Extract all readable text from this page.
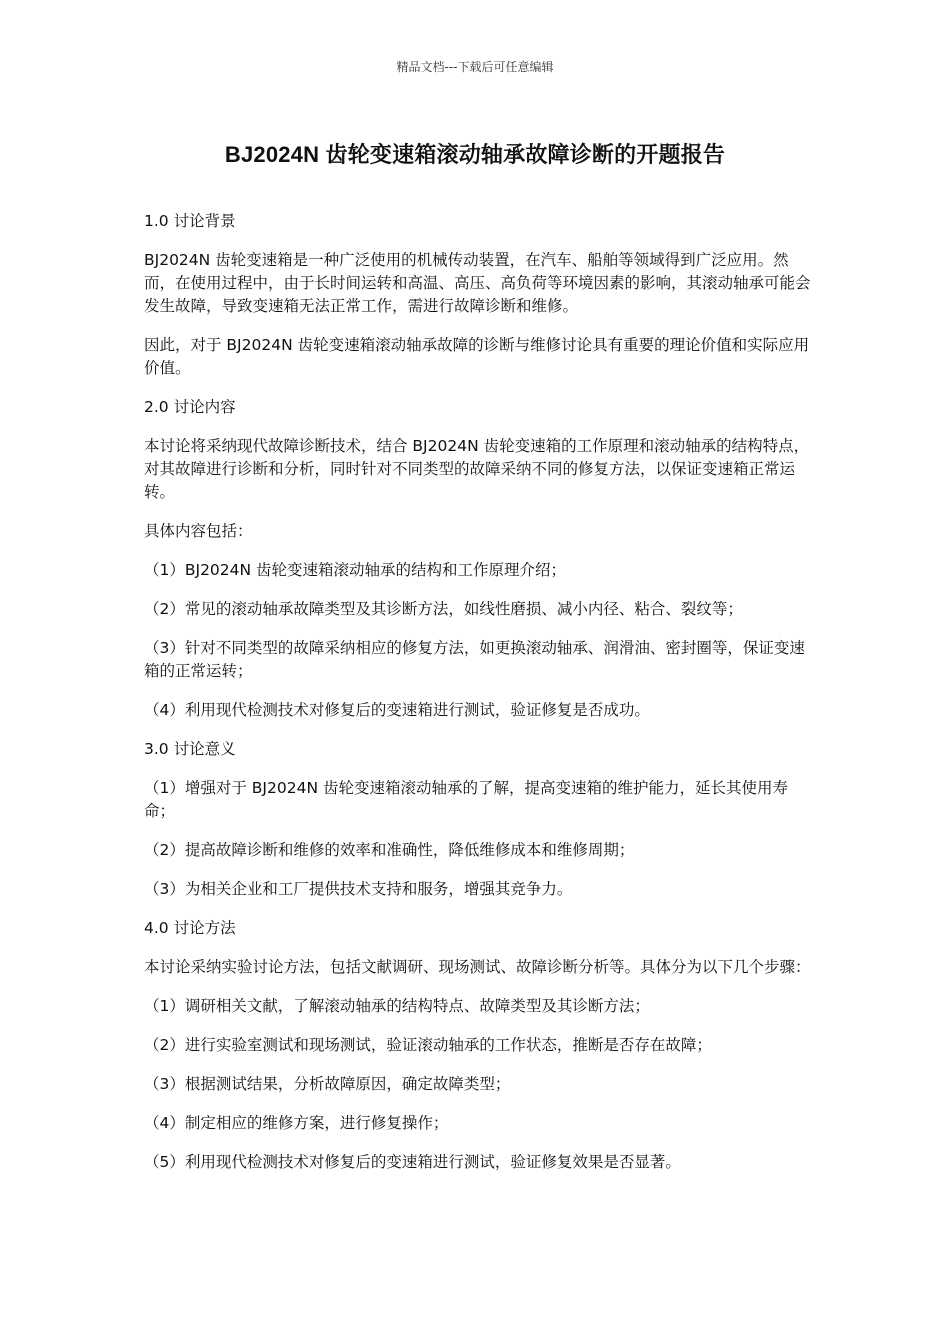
精品文档---下载后可任意编辑
BJ2024N 齿轮变速箱滚动轴承故障诊断的开题报告

1.0 讨论背景

BJ2024N 齿轮变速箱是一种广泛使用的机械传动装置，在汽车、船舶等领域得到广泛应用。然而，在使用过程中，由于长时间运转和高温、高压、高负荷等环境因素的影响，其滚动轴承可能会发生故障，导致变速箱无法正常工作，需进行故障诊断和维修。

因此，对于 BJ2024N 齿轮变速箱滚动轴承故障的诊断与维修讨论具有重要的理论价值和实际应用价值。

2.0 讨论内容

本讨论将采纳现代故障诊断技术，结合 BJ2024N 齿轮变速箱的工作原理和滚动轴承的结构特点，对其故障进行诊断和分析，同时针对不同类型的故障采纳不同的修复方法，以保证变速箱正常运转。

具体内容包括：

（1）BJ2024N 齿轮变速箱滚动轴承的结构和工作原理介绍；

（2）常见的滚动轴承故障类型及其诊断方法，如线性磨损、减小内径、粘合、裂纹等；

（3）针对不同类型的故障采纳相应的修复方法，如更换滚动轴承、润滑油、密封圈等，保证变速箱的正常运转；

（4）利用现代检测技术对修复后的变速箱进行测试，验证修复是否成功。

3.0 讨论意义

（1）增强对于 BJ2024N 齿轮变速箱滚动轴承的了解，提高变速箱的维护能力，延长其使用寿命；

（2）提高故障诊断和维修的效率和准确性，降低维修成本和维修周期；

（3）为相关企业和工厂提供技术支持和服务，增强其竞争力。

4.0 讨论方法

本讨论采纳实验讨论方法，包括文献调研、现场测试、故障诊断分析等。具体分为以下几个步骤：

（1）调研相关文献，了解滚动轴承的结构特点、故障类型及其诊断方法；

（2）进行实验室测试和现场测试，验证滚动轴承的工作状态，推断是否存在故障；

（3）根据测试结果，分析故障原因，确定故障类型；

（4）制定相应的维修方案，进行修复操作；

（5）利用现代检测技术对修复后的变速箱进行测试，验证修复效果是否显著。
